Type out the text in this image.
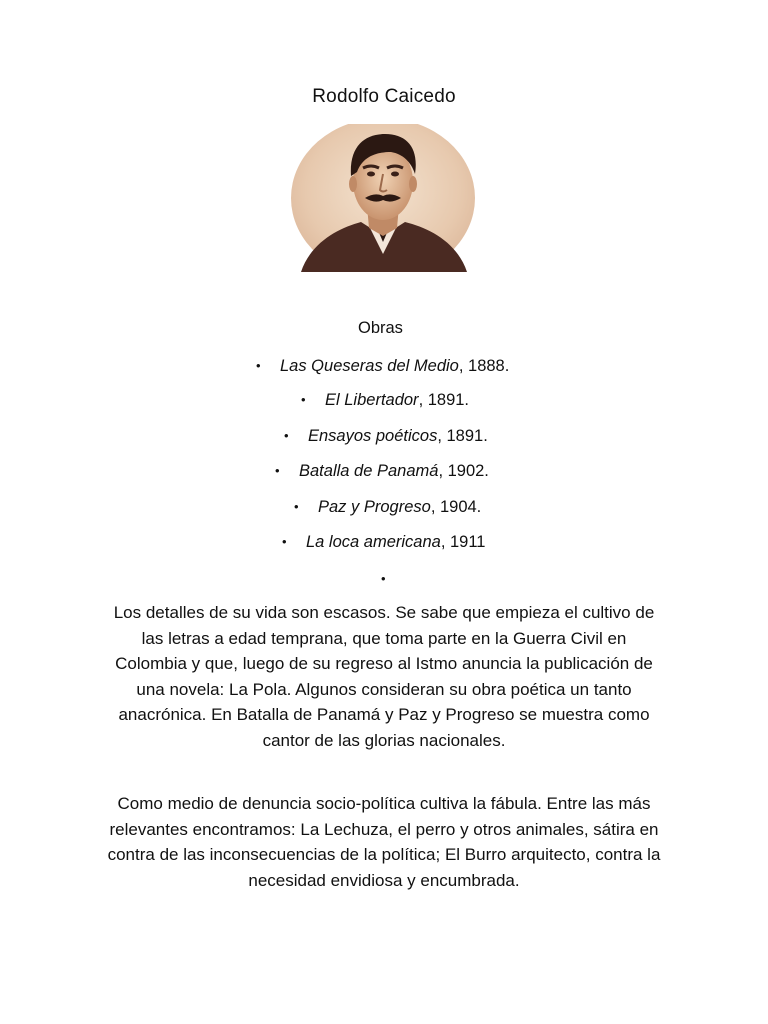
Rodolfo Caicedo
Obras
• Las Queseras del Medio, 1888.
• El Libertador, 1891.
• Ensayos poéticos, 1891.
• Batalla de Panamá, 1902.
• Paz y Progreso, 1904.
• La loca americana, 1911
•

Los detalles de su vida son escasos. Se sabe que empieza el cultivo de las letras a edad temprana, que toma parte en la Guerra Civil en Colombia y que, luego de su regreso al Istmo anuncia la publicación de una novela: La Pola. Algunos consideran su obra poética un tanto anacrónica. En Batalla de Panamá y Paz y Progreso se muestra como cantor de las glorias nacionales.

Como medio de denuncia socio-política cultiva la fábula. Entre las más relevantes encontramos: La Lechuza, el perro y otros animales, sátira en contra de las inconsecuencias de la política; El Burro arquitecto, contra la necesidad envidiosa y encumbrada.
